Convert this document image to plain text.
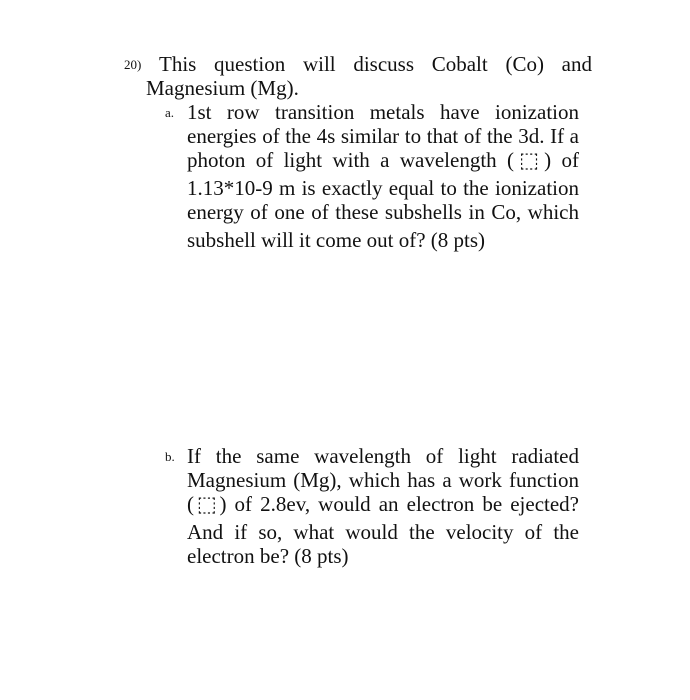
20) This question will discuss Cobalt (Co) and
Magnesium (Mg).
a. 1st row transition metals have ionization
energies of the 4s similar to that of the 3d. If a
photon of light with a wavelength (⬚) of
1.13*10-9 m is exactly equal to the ionization
energy of one of these subshells in Co, which
subshell will it come out of? (8 pts)
b. If the same wavelength of light radiated
Magnesium (Mg), which has a work function
(⬚) of 2.8ev, would an electron be ejected?
And if so, what would the velocity of the
electron be? (8 pts)
